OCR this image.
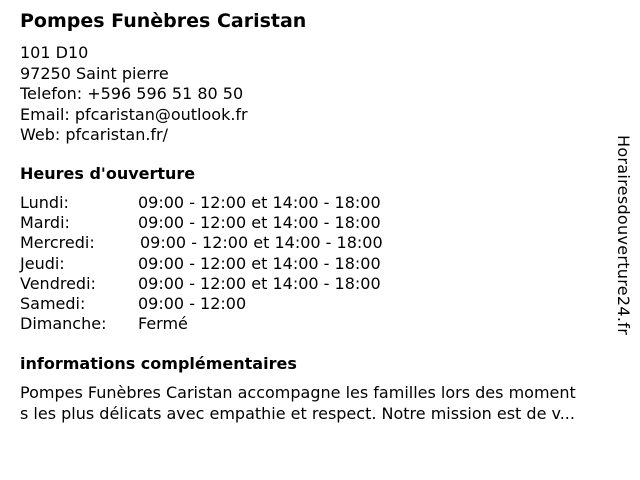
Pompes Funèbres Caristan
101 D10
97250 Saint pierre
Telefon: +596 596 51 80 50
Email: pfcaristan@outlook.fr
Web: pfcaristan.fr/
Heures d'ouverture
Lundi:	09:00 - 12:00 et 14:00 - 18:00
Mardi:	09:00 - 12:00 et 14:00 - 18:00
Mercredi:	09:00 - 12:00 et 14:00 - 18:00
Jeudi:	09:00 - 12:00 et 14:00 - 18:00
Vendredi:	09:00 - 12:00 et 14:00 - 18:00
Samedi:	09:00 - 12:00
Dimanche: Fermé
informations complémentaires
Pompes Funèbres Caristan accompagne les familles lors des moment
s les plus délicats avec empathie et respect. Notre mission est de v...
Horairesdouverture24.fr
